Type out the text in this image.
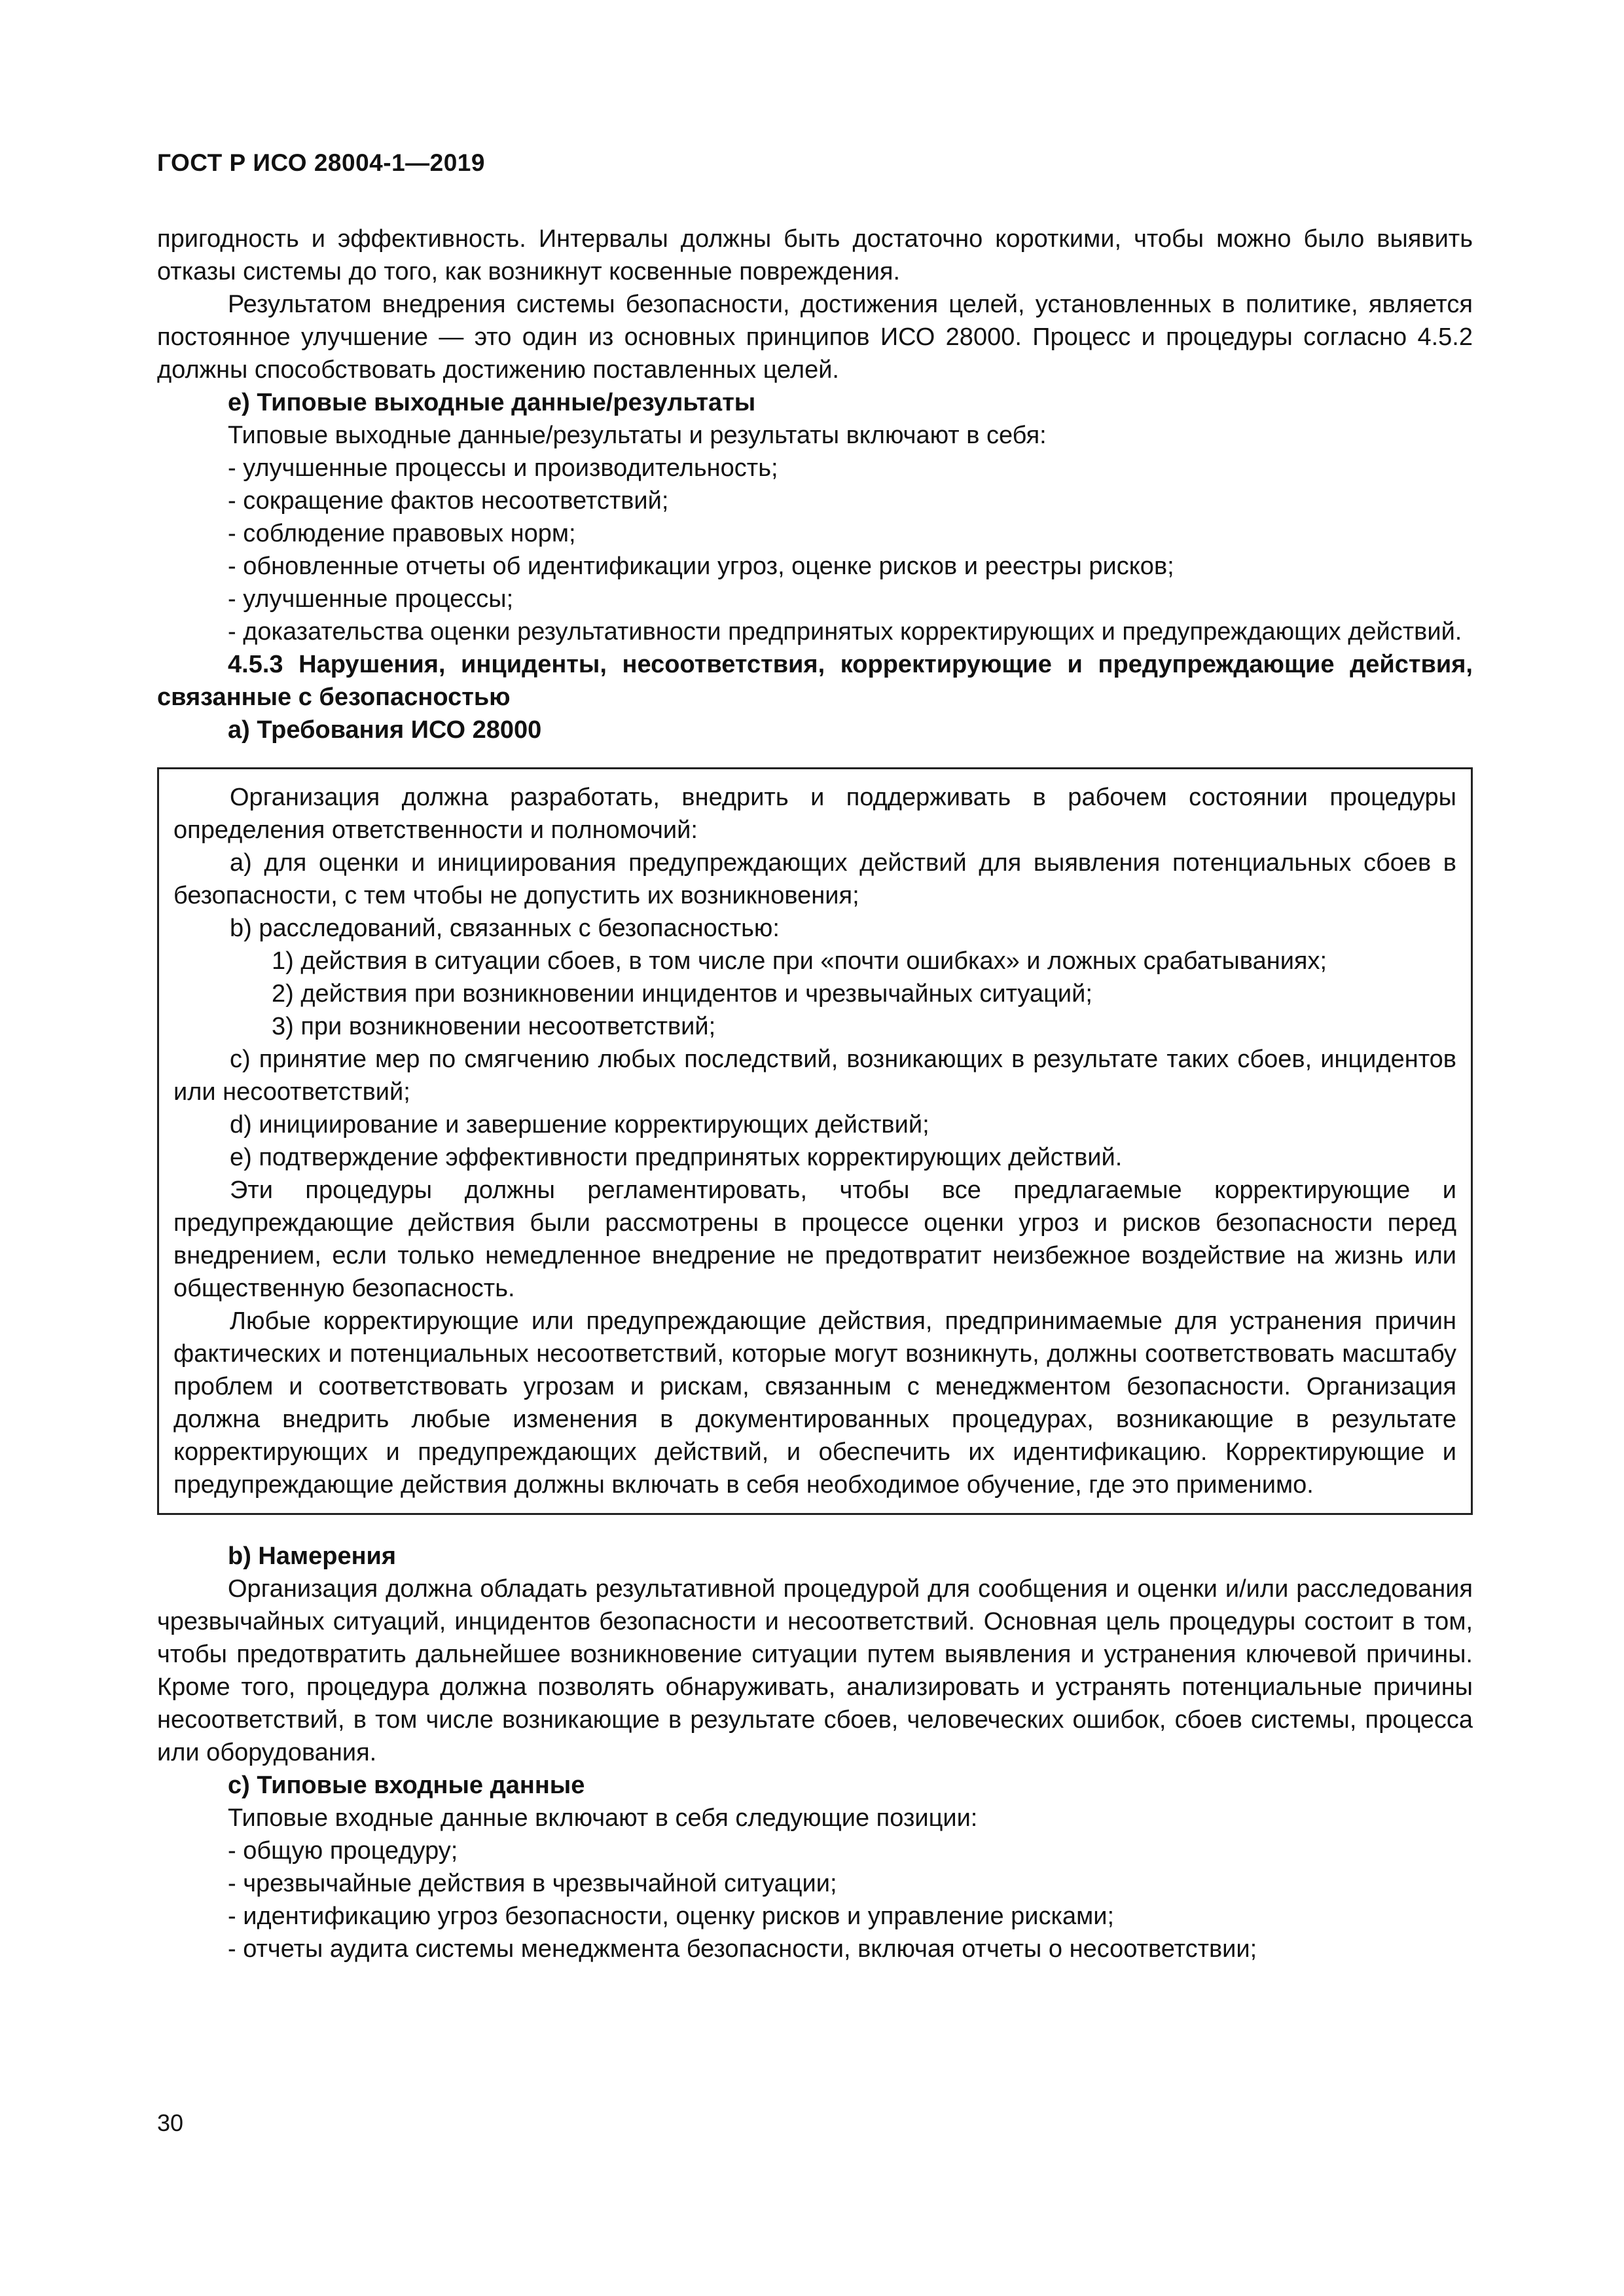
ГОСТ Р ИСО 28004-1—2019

пригодность и эффективность. Интервалы должны быть достаточно короткими, чтобы можно было выявить отказы системы до того, как возникнут косвенные повреждения.

Результатом внедрения системы безопасности, достижения целей, установленных в политике, является постоянное улучшение — это один из основных принципов ИСО 28000. Процесс и процедуры согласно 4.5.2 должны способствовать достижению поставленных целей.

e) Типовые выходные данные/результаты

Типовые выходные данные/результаты и результаты включают в себя:

- улучшенные процессы и производительность;

- сокращение фактов несоответствий;

- соблюдение правовых норм;

- обновленные отчеты об идентификации угроз, оценке рисков и реестры рисков;

- улучшенные процессы;

- доказательства оценки результативности предпринятых корректирующих и предупреждающих действий.

4.5.3 Нарушения, инциденты, несоответствия, корректирующие и предупреждающие действия, связанные с безопасностью

a) Требования ИСО 28000

Организация должна разработать, внедрить и поддерживать в рабочем состоянии процедуры определения ответственности и полномочий:

a) для оценки и инициирования предупреждающих действий для выявления потенциальных сбоев в безопасности, с тем чтобы не допустить их возникновения;

b) расследований, связанных с безопасностью:

1) действия в ситуации сбоев, в том числе при «почти ошибках» и ложных срабатываниях;

2) действия при возникновении инцидентов и чрезвычайных ситуаций;

3) при возникновении несоответствий;

c) принятие мер по смягчению любых последствий, возникающих в результате таких сбоев, инцидентов или несоответствий;

d) инициирование и завершение корректирующих действий;

e) подтверждение эффективности предпринятых корректирующих действий.

Эти процедуры должны регламентировать, чтобы все предлагаемые корректирующие и предупреждающие действия были рассмотрены в процессе оценки угроз и рисков безопасности перед внедрением, если только немедленное внедрение не предотвратит неизбежное воздействие на жизнь или общественную безопасность.

Любые корректирующие или предупреждающие действия, предпринимаемые для устранения причин фактических и потенциальных несоответствий, которые могут возникнуть, должны соответствовать масштабу проблем и соответствовать угрозам и рискам, связанным с менеджментом безопасности. Организация должна внедрить любые изменения в документированных процедурах, возникающие в результате корректирующих и предупреждающих действий, и обеспечить их идентификацию. Корректирующие и предупреждающие действия должны включать в себя необходимое обучение, где это применимо.

b) Намерения

Организация должна обладать результативной процедурой для сообщения и оценки и/или расследования чрезвычайных ситуаций, инцидентов безопасности и несоответствий. Основная цель процедуры состоит в том, чтобы предотвратить дальнейшее возникновение ситуации путем выявления и устранения ключевой причины. Кроме того, процедура должна позволять обнаруживать, анализировать и устранять потенциальные причины несоответствий, в том числе возникающие в результате сбоев, человеческих ошибок, сбоев системы, процесса или оборудования.

c) Типовые входные данные

Типовые входные данные включают в себя следующие позиции:

- общую процедуру;

- чрезвычайные действия в чрезвычайной ситуации;

- идентификацию угроз безопасности, оценку рисков и управление рисками;

- отчеты аудита системы менеджмента безопасности, включая отчеты о несоответствии;

30
